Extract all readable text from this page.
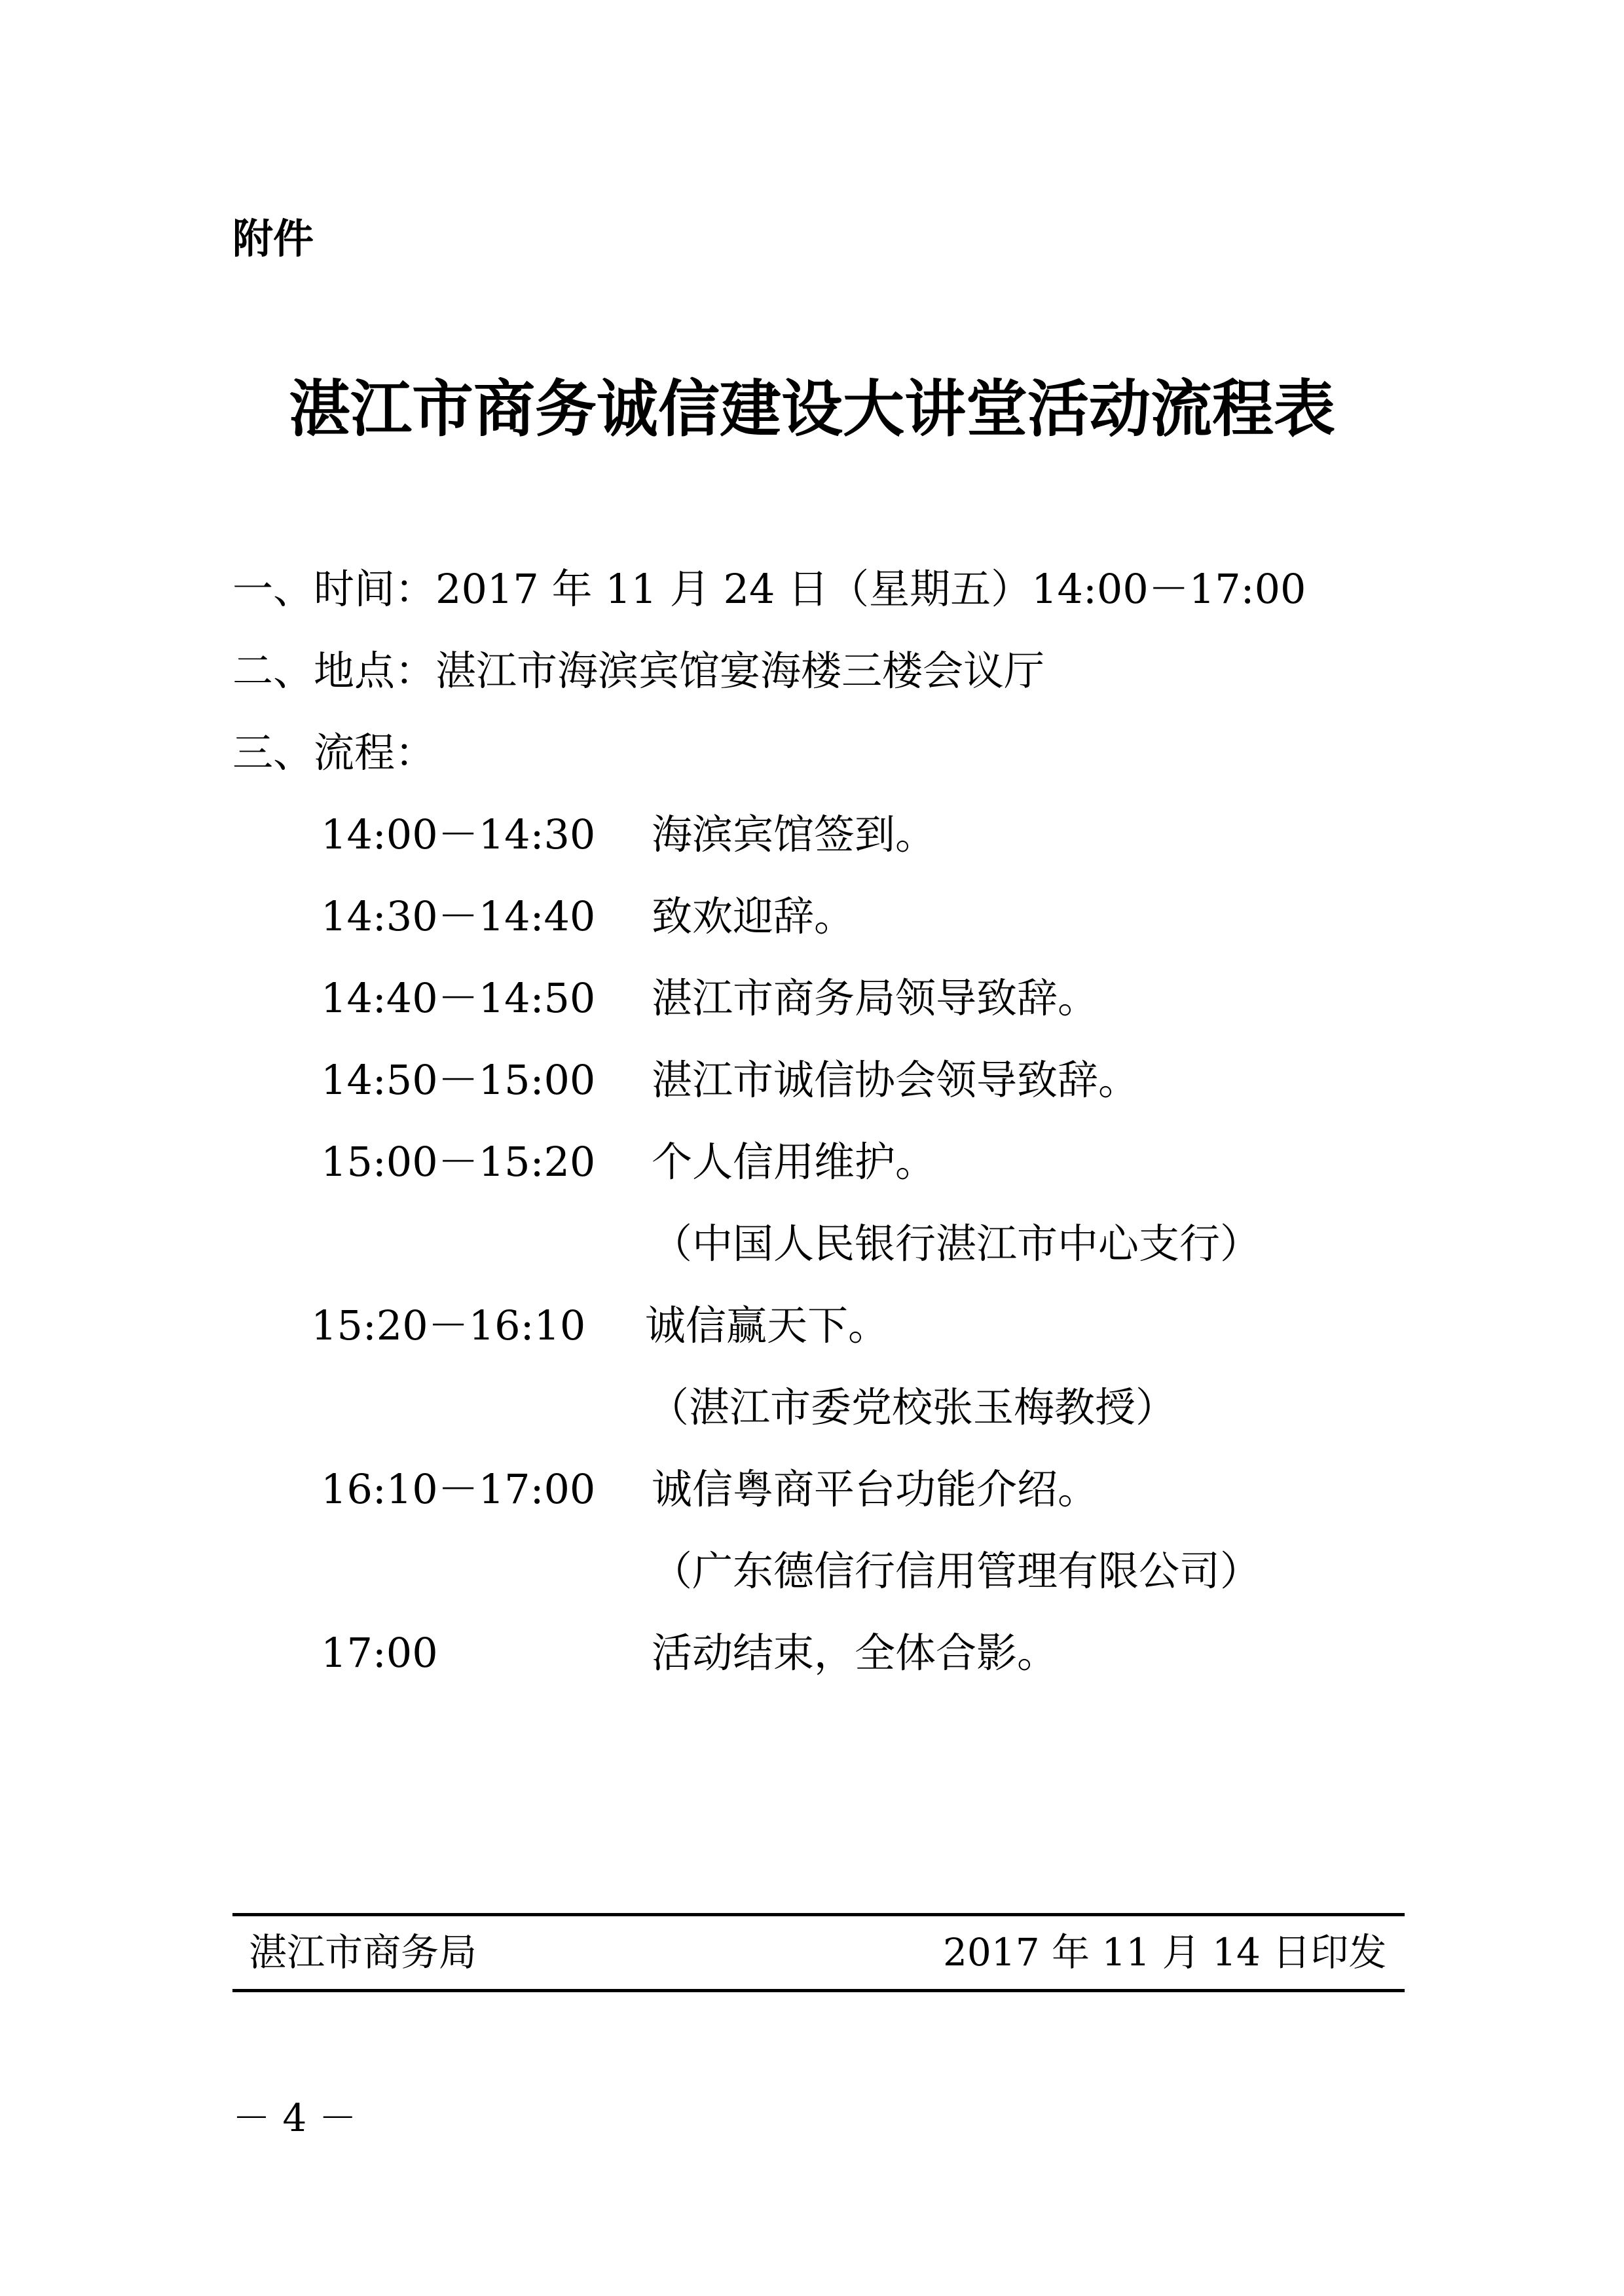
附件
湛江市商务诚信建设大讲堂活动流程表
一、时间：2017 年 11 月 24 日（星期五）14:00－17:00
二、地点：湛江市海滨宾馆宴海楼三楼会议厅
三、流程：
14:00－14:30 海滨宾馆签到。
14:30－14:40 致欢迎辞。
14:40－14:50 湛江市商务局领导致辞。
14:50－15:00 湛江市诚信协会领导致辞。
15:00－15:20 个人信用维护。
（中国人民银行湛江市中心支行）
15:20－16:10 诚信赢天下。
（湛江市委党校张玉梅教授）
16:10－17:00 诚信粤商平台功能介绍。
（广东德信行信用管理有限公司）
17:00	活动结束，全体合影。
湛江市商务局	2017 年 11 月 14 日印发
－ 4 －
